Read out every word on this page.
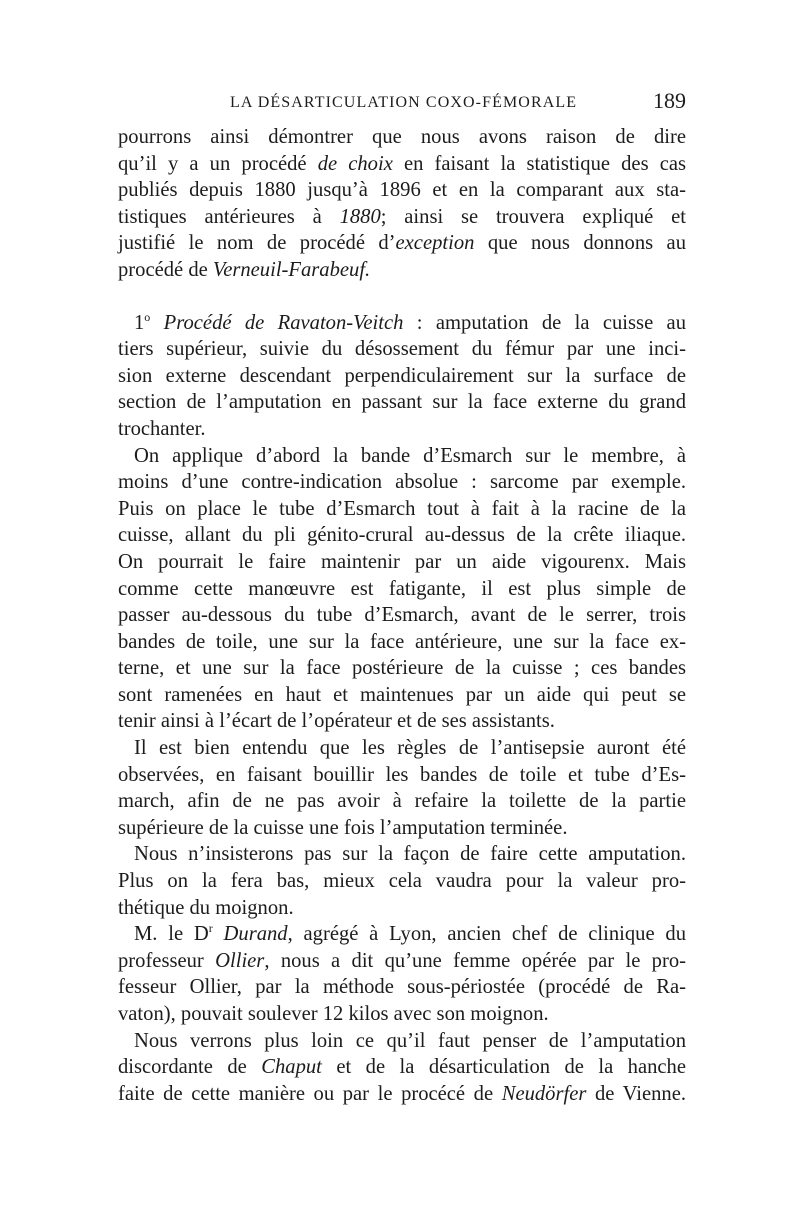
LA DÉSARTICULATION COXO-FÉMORALE	189

pourrons ainsi démontrer que nous avons raison de dire

qu’il y a un procédé de choix en faisant la statistique des cas

publiés depuis 1880 jusqu’à 1896 et en la comparant aux sta-

tistiques antérieures à 1880; ainsi se trouvera expliqué et

justifié le nom de procédé d’exception que nous donnons au

procédé de Verneuil-Farabeuf.

1$^o$ Procédé de Ravaton-Veitch : amputation de la cuisse au

tiers supérieur, suivie du désossement du fémur par une inci-

sion externe descendant perpendiculairement sur la surface de

section de l’amputation en passant sur la face externe du grand

trochanter.

On applique d’abord la bande d’Esmarch sur le membre, à

moins d’une contre-indication absolue : sarcome par exemple.

Puis on place le tube d’Esmarch tout à fait à la racine de la

cuisse, allant du pli génito-crural au-dessus de la crête iliaque.

On pourrait le faire maintenir par un aide vigourenx. Mais

comme cette manœuvre est fatigante, il est plus simple de

passer au-dessous du tube d’Esmarch, avant de le serrer, trois

bandes de toile, une sur la face antérieure, une sur la face ex-

terne, et une sur la face postérieure de la cuisse ; ces bandes

sont ramenées en haut et maintenues par un aide qui peut se

tenir ainsi à l’écart de l’opérateur et de ses assistants.

Il est bien entendu que les règles de l’antisepsie auront été

observées, en faisant bouillir les bandes de toile et tube d’Es-

march, afin de ne pas avoir à refaire la toilette de la partie

supérieure de la cuisse une fois l’amputation terminée.

Nous n’insisterons pas sur la façon de faire cette amputation.

Plus on la fera bas, mieux cela vaudra pour la valeur pro-

thétique du moignon.

M. le $D^r$ Durand, agrégé à Lyon, ancien chef de clinique du

professeur Ollier, nous a dit qu’une femme opérée par le pro-

fesseur Ollier, par la méthode sous-périostée (procédé de Ra-

vaton), pouvait soulever 12 kilos avec son moignon.

Nous verrons plus loin ce qu’il faut penser de l’amputation

discordante de Chaput et de la désarticulation de la hanche

faite de cette manière ou par le procécé de Neudörfer de Vienne.
